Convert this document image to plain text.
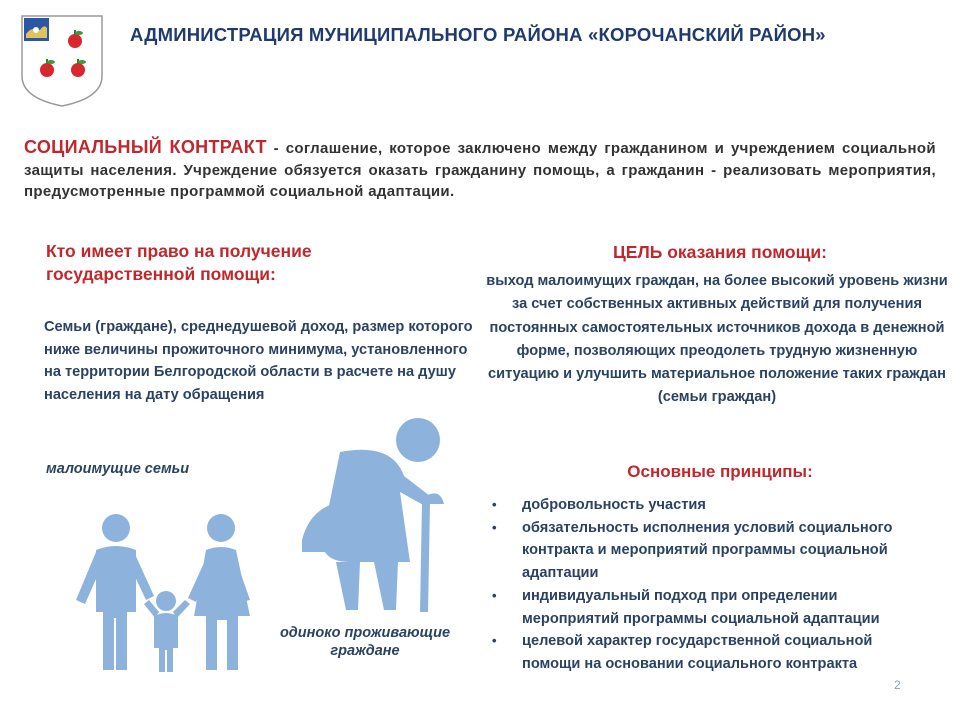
АДМИНИСТРАЦИЯ МУНИЦИПАЛЬНОГО РАЙОНА «КОРОЧАНСКИЙ РАЙОН»
СОЦИАЛЬНЫЙ КОНТРАКТ - соглашение, которое заключено между гражданином и учреждением социальной защиты населения. Учреждение обязуется оказать гражданину помощь, а гражданин - реализовать мероприятия, предусмотренные программой социальной адаптации.
Кто имеет право на получение государственной помощи:
Семьи (граждане), среднедушевой доход, размер которого ниже величины прожиточного минимума, установленного на территории Белгородской области в расчете на душу населения на дату обращения
малоимущие семьи
одиноко проживающие граждане
ЦЕЛЬ оказания помощи:
выход малоимущих граждан, на более высокий уровень жизни за счет собственных активных действий для получения постоянных самостоятельных источников дохода в денежной форме, позволяющих преодолеть трудную жизненную ситуацию и улучшить материальное положение таких граждан (семьи граждан)
Основные принципы:
• добровольность участия
• обязательность исполнения условий социального контракта и мероприятий программы социальной адаптации
• индивидуальный подход при определении мероприятий программы социальной адаптации
• целевой характер государственной социальной помощи на основании социального контракта
2
